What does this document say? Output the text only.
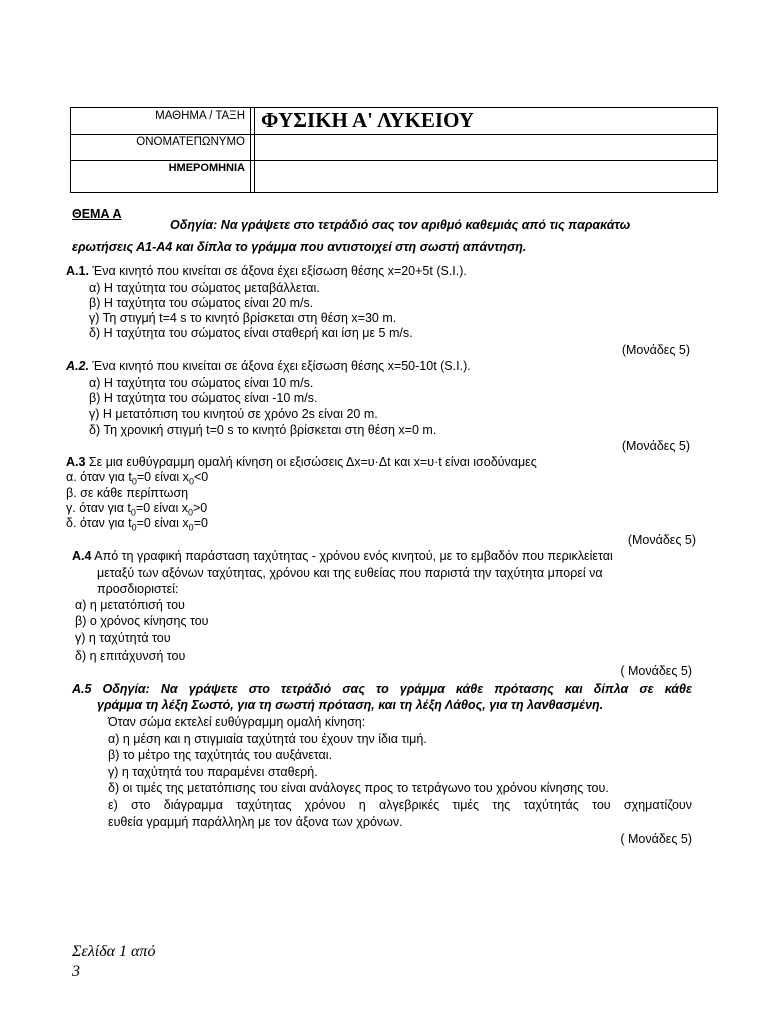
ΜΑΘΗΜΑ / ΤΑΞΗ
ΟΝΟΜΑΤΕΠΩΝΥΜΟ
ΗΜΕΡΟΜΗΝΙΑ
ΦΥΣΙΚΗ Α' ΛΥΚΕΙΟΥ
ΘΕΜΑ Α
Οδηγία: Να γράψετε στο τετράδιό σας τον αριθμό καθεμιάς από τις παρακάτω
ερωτήσεις Α1-Α4 και δίπλα το γράμμα που αντιστοιχεί στη σωστή απάντηση.
Α.1. Ένα κινητό που κινείται σε άξονα έχει εξίσωση θέσης x=20+5t (S.I.).
α) Η ταχύτητα του σώματος μεταβάλλεται.
β) Η ταχύτητα του σώματος είναι 20 m/s.
γ) Τη στιγμή t=4 s το κινητό βρίσκεται στη θέση x=30 m.
δ) Η ταχύτητα του σώματος είναι σταθερή και ίση με 5 m/s.
(Μονάδες 5)
Α.2. Ένα κινητό που κινείται σε άξονα έχει εξίσωση θέσης x=50-10t (S.I.).
α) Η ταχύτητα του σώματος είναι 10 m/s.
β) Η ταχύτητα του σώματος είναι -10 m/s.
γ) Η μετατόπιση του κινητού σε χρόνο 2s είναι 20 m.
δ) Τη χρονική στιγμή t=0 s το κινητό βρίσκεται στη θέση x=0 m.
(Μονάδες 5)
Α.3 Σε μια ευθύγραμμη ομαλή κίνηση οι εξισώσεις Δx=υ·Δt και x=υ·t είναι ισοδύναμες
α. όταν για $t_0=0$ είναι $x_0<0$
β. σε κάθε περίπτωση
γ. όταν για $t_0=0$ είναι $x_0>0$
δ. όταν για $t_0=0$ είναι $x_0=0$
(Μονάδες 5)
Α.4 Από τη γραφική παράσταση ταχύτητας - χρόνου ενός κινητού, με το εμβαδόν που περικλείεται
μεταξύ των αξόνων ταχύτητας, χρόνου και της ευθείας που παριστά την ταχύτητα μπορεί να
προσδιοριστεί:
α) η μετατόπισή του
β) ο χρόνος κίνησης του
γ) η ταχύτητά του
δ) η επιτάχυνσή του
( Μονάδες 5)
Α.5 Οδηγία: Να γράψετε στο τετράδιό σας το γράμμα κάθε πρότασης και δίπλα σε κάθε
γράμμα τη λέξη Σωστό, για τη σωστή πρόταση, και τη λέξη Λάθος, για τη λανθασμένη.
Όταν σώμα εκτελεί ευθύγραμμη ομαλή κίνηση:
α) η μέση και η στιγμιαία ταχύτητά του έχουν την ίδια τιμή.
β) το μέτρο της ταχύτητάς του αυξάνεται.
γ) η ταχύτητά του παραμένει σταθερή.
δ) οι τιμές της μετατόπισης του είναι ανάλογες προς το τετράγωνο του χρόνου κίνησης του.
ε) στο διάγραμμα ταχύτητας χρόνου η αλγεβρικές τιμές της ταχύτητάς του σχηματίζουν
ευθεία γραμμή παράλληλη με τον άξονα των χρόνων.
( Μονάδες 5)
Σελίδα 1 από
3
